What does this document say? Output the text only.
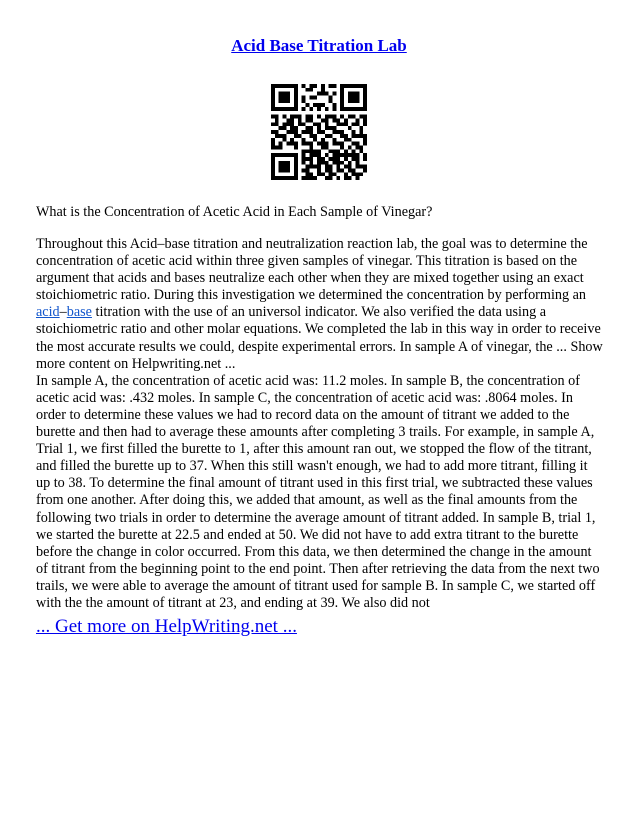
Acid Base Titration Lab
What is the Concentration of Acetic Acid in Each Sample of Vinegar?

Throughout this Acid–base titration and neutralization reaction lab, the goal was to determine the concentration of acetic acid within three given samples of vinegar. This titration is based on the argument that acids and bases neutralize each other when they are mixed together using an exact stoichiometric ratio. During this investigation we determined the concentration by performing an acid–base titration with the use of an universol indicator. We also verified the data using a stoichiometric ratio and other molar equations. We completed the lab in this way in order to receive the most accurate results we could, despite experimental errors. In sample A of vinegar, the ... Show more content on Helpwriting.net ...

In sample A, the concentration of acetic acid was: 11.2 moles. In sample B, the concentration of acetic acid was: .432 moles. In sample C, the concentration of acetic acid was: .8064 moles. In order to determine these values we had to record data on the amount of titrant we added to the burette and then had to average these amounts after completing 3 trails. For example, in sample A, Trial 1, we first filled the burette to 1, after this amount ran out, we stopped the flow of the titrant, and filled the burette up to 37. When this still wasn't enough, we had to add more titrant, filling it up to 38. To determine the final amount of titrant used in this first trial, we subtracted these values from one another. After doing this, we added that amount, as well as the final amounts from the following two trials in order to determine the average amount of titrant added. In sample B, trial 1, we started the burette at 22.5 and ended at 50. We did not have to add extra titrant to the burette before the change in color occurred. From this data, we then determined the change in the amount of titrant from the beginning point to the end point. Then after retrieving the data from the next two trails, we were able to average the amount of titrant used for sample B. In sample C, we started off with the the amount of titrant at 23, and ending at 39. We also did not

... Get more on HelpWriting.net ...
